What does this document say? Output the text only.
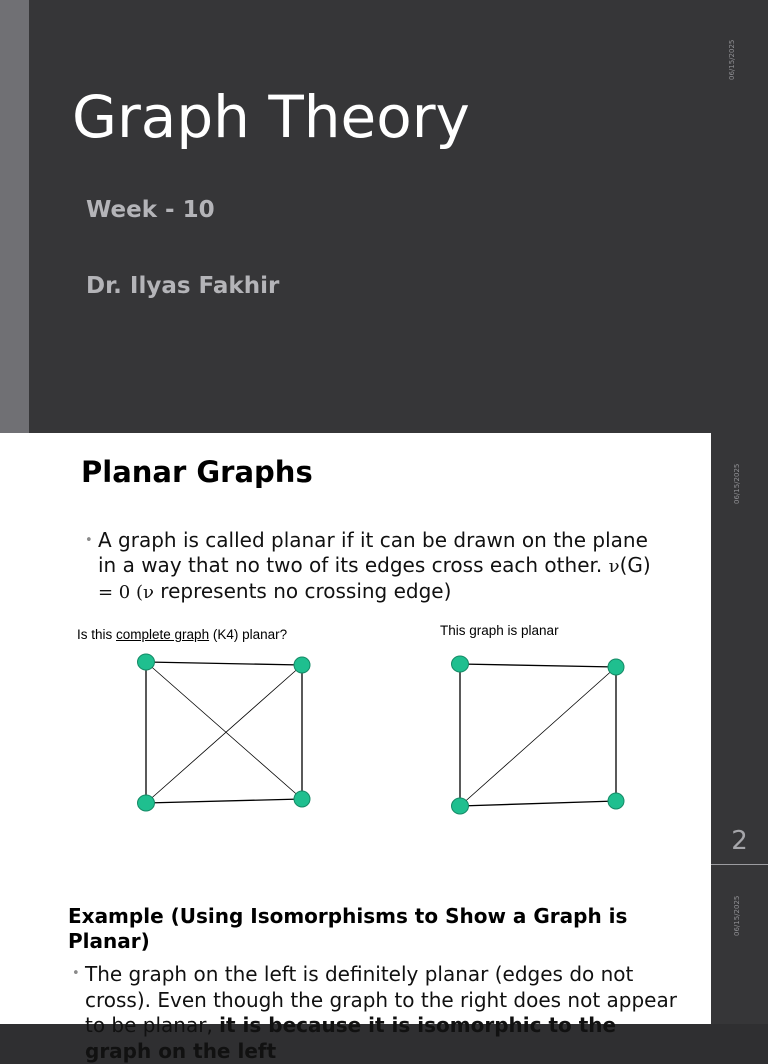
06/15/2025
Graph Theory
Week - 10
Dr. Ilyas Fakhir
06/15/2025
2
Planar Graphs
• A graph is called planar if it can be drawn on the plane in a way that no two of its edges cross each other. ν(G) = 0 (ν represents no crossing edge)
Is this complete graph (K4) planar?	This graph is planar
06/15/2025
Example (Using Isomorphisms to Show a Graph is Planar)
• The graph on the left is definitely planar (edges do not cross). Even though the graph to the right does not appear to be planar, it is because it is isomorphic to the graph on the left
